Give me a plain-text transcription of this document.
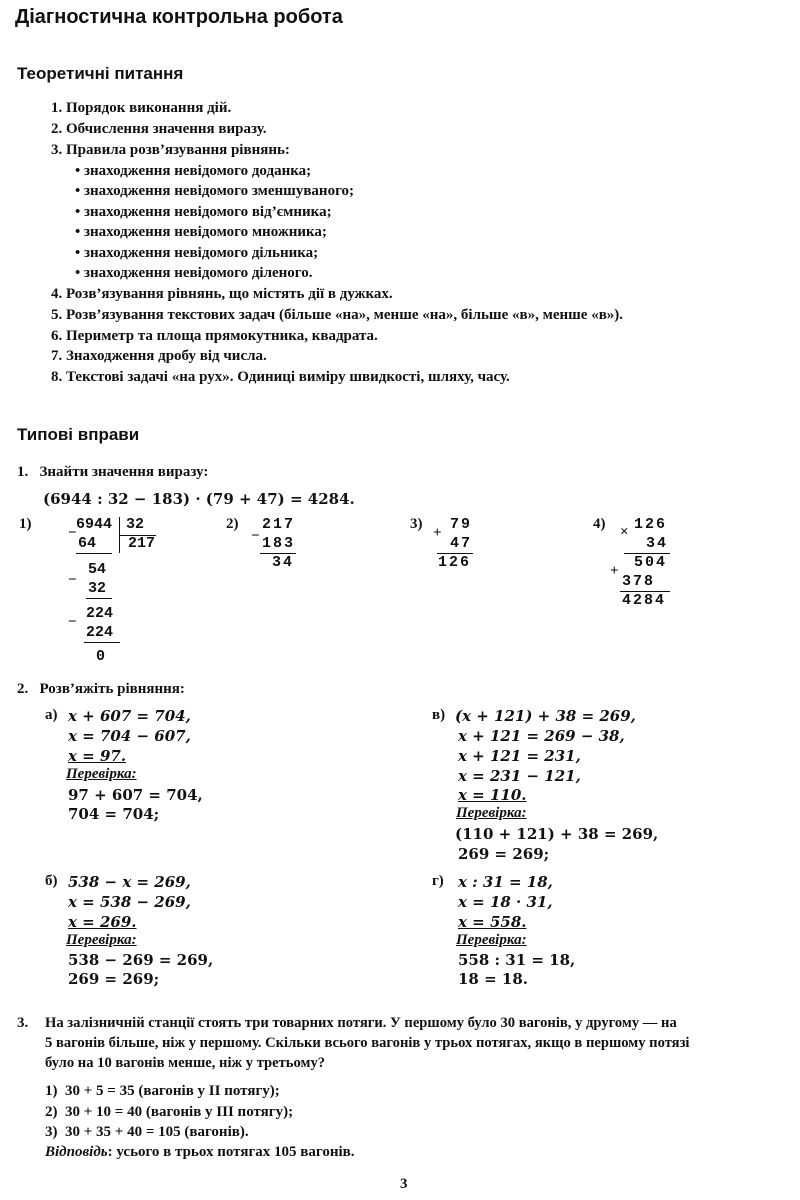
Діагностична контрольна робота
Теоретичні питання
1. Порядок виконання дій.
2. Обчислення значення виразу.
3. Правила розв’язування рівнянь:
• знаходження невідомого доданка;
• знаходження невідомого зменшуваного;
• знаходження невідомого від’ємника;
• знаходження невідомого множника;
• знаходження невідомого дільника;
• знаходження невідомого діленого.
4. Розв’язування рівнянь, що містять дії в дужках.
5. Розв’язування текстових задач (більше «на», менше «на», більше «в», менше «в»).
6. Периметр та площа прямокутника, квадрата.
7. Знаходження дробу від числа.
8. Текстові задачі «на рух». Одиниці виміру швидкості, шляху, часу.
Типові вправи
1. Знайти значення виразу:
(6944 : 32 − 183) · (79 + 47) = 4284.
1)
− 6944 32
217
64
−
54
32
− 224
224
0
2) 217
− 183
34
3) 79
+
47
126
4) 126
×
34
504
+
378
4284
2. Розв’яжіть рівняння:
а) x + 607 = 704,
x = 704 − 607,
x = 97.
Перевірка:
97 + 607 = 704,
704 = 704;
б) 538 − x = 269,
x = 538 − 269,
x = 269.
Перевірка:
538 − 269 = 269,
269 = 269;
в) (x + 121) + 38 = 269,
x + 121 = 269 − 38,
x + 121 = 231,
x = 231 − 121,
x = 110.
Перевірка:
(110 + 121) + 38 = 269,
269 = 269;
г) x : 31 = 18,
x = 18 · 31,
x = 558.
Перевірка:
558 : 31 = 18,
18 = 18.
3. На залізничній станції стоять три товарних потяги. У першому було 30 вагонів, у другому — на
5 вагонів більше, ніж у першому. Скільки всього вагонів у трьох потягах, якщо в першому потязі
було на 10 вагонів менше, ніж у третьому?
1) 30 + 5 = 35 (вагонів у II потягу);
2) 30 + 10 = 40 (вагонів у III потягу);
3) 30 + 35 + 40 = 105 (вагонів).
Відповідь: усього в трьох потягах 105 вагонів.
3
